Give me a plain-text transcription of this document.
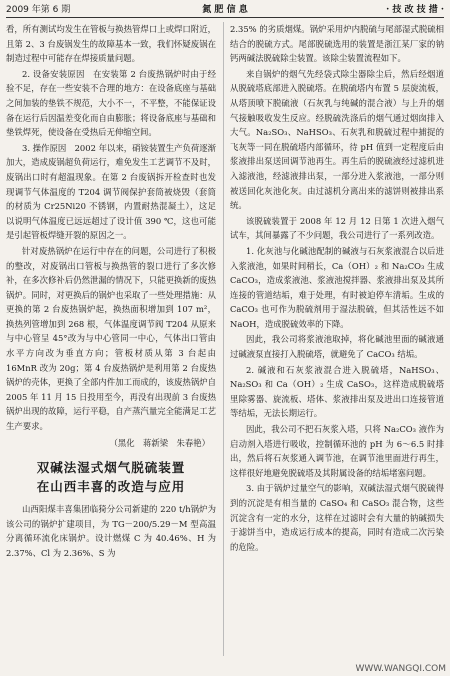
2009 年第 6 期	氮 肥 信 息	· 技 改 技 措 ·

看，所有测试均发生在管板与换热管焊口上或焊口附近，且第 2、3 台废锅发生的故障基本一致，我们怀疑废锅在制造过程中可能存在焊接质量问题。

2. 设备安装原因　在安装第 2 台废热锅炉时由于经验不足，存在一些安装不合理的地方：在设备底座与基础之间加装的垫铁不规范，大小不一，不平整，不能保证设备在运行后因温差变化而自由膨胀；将设备底座与基础和垫铁焊死，使设备在受热后无伸缩空间。

3. 操作原因　2002 年以来，硝铵装置生产负荷逐渐加大，造成废锅超负荷运行，难免发生工艺调节不及时，废锅出口时有超温现象。在第 2 台废锅拆开检查时也发现调节气体温度的 T204 调节阀保护套筒被烧毁（套筒的材质为 Cr25Ni20 不锈钢，内置耐热混凝土），这足以说明气体温度已远远超过了设计值 390 ℃，这也可能是引起管板焊缝开裂的原因之一。

针对废热锅炉在运行中存在的问题，公司进行了积极的整改，对废锅出口管板与换热管的裂口进行了多次修补，在多次修补后仍然泄漏的情况下，只能更换新的废热锅炉。同时，对更换后的锅炉也采取了一些处理措施：从更换的第 2 台废热锅炉起，换热面积增加到 107 m²，换热列管增加到 268 根，气体温度调节阀 T204 从原来与中心管呈 45°改为与中心管同一中心，气体出口管由水平方向改为垂直方向；管板材质从第 3 台起由 16MnR 改为 20g；第 4 台废热锅炉是利用第 2 台废热锅炉的壳体，更换了全部内件加工而成的，该废热锅炉自 2005 年 11 月 15 日投用至今，再没有出现前 3 台废热锅炉出现的故障，运行平稳，自产蒸汽量完全能满足工艺生产要求。

（黑化　蒋新梁　朱春艳）
双碱法湿式烟气脱硫装置
在山西丰喜的改造与应用

山西阳煤丰喜集团临猗分公司新建的 220 t/h锅炉为该公司的锅炉扩建项目，为 TG－200/5.29－M 型高温分离循环流化床锅炉。设计燃煤 C 为 40.46%、H 为 2.37%、Cl 为 2.36%、S 为

2.35% 的劣质烟煤。锅炉采用炉内脱硫与尾部湿式脱硫相结合的脱硫方式。尾部脱硫选用的装置是浙江某厂家的钠钙两碱法脱硫除尘装置。该除尘装置流程如下。

来自锅炉的烟气先经袋式除尘器除尘后，然后经烟道从脱硫塔底部进入脱硫塔。在脱硫塔内布置 5 层旋流板，从塔顶喷下脱硫液（石灰乳与纯碱的混合液）与上升的烟气接触吸收发生反应。经脱硫洗涤后的烟气通过烟囱排入大气。Na₂SO₃、NaHSO₃、石灰乳和脱硫过程中捕捉的飞灰等一同在脱硫塔内部循环，待 pH 值到一定程度后由浆液排出泵送回调节池再生。再生后的脱硫液经过滤机进入滤液池，经滤液排出泵，一部分进入浆液池，一部分则被送回化灰池化灰。由过滤机分离出来的滤饼则被排出系统。

该脱硫装置于 2008 年 12 月 12 日第 1 次进入烟气试车，其间暴露了不少问题，我公司进行了一系列改造。

1. 化灰池与化碱池配制的碱液与石灰浆液混合以后进入浆液池，如果时间稍长，Ca（OH）₂ 和 Na₂CO₃ 生成 CaCO₃，造成浆液池、浆液池搅拌器、浆液排出泵及其所连接的管道结垢，难于处理，有时被迫停车清垢。生成的 CaCO₃ 也可作为脱硫剂用于湿法脱硫，但其活性远不如 NaOH，造成脱硫效率的下降。

因此，我公司将浆液池取掉，将化碱池里面的碱液通过碱液泵直接打入脱硫塔，就避免了 CaCO₃ 结垢。

2. 碱液和石灰浆液混合进入脱硫塔，NaHSO₃、Na₂SO₃ 和 Ca（OH）₂ 生成 CaSO₃，这样造成脱硫塔里除雾器、旋流板、塔体、浆液排出泵及进出口连接管道等结垢，无法长期运行。

因此，我公司不把石灰浆入塔，只将 Na₂CO₃ 液作为启动剂入塔进行吸收，控制循环池的 pH 为 6～6.5 时排出，然后将石灰浆通入调节池，在调节池里面进行再生，这样很好地避免脱硫塔及其附属设备的结垢堵塞问题。

3. 由于锅炉过量空气的影响，双碱法湿式烟气脱硫得到的沉淀是有相当量的 CaSO₄ 和 CaSO₃ 混合物，这些沉淀含有一定的水分，这样在过滤时会有大量的钠碱损失于滤饼当中，造成运行成本的提高，同时有造成二次污染的危险。

WWW.WANGQI.COM
